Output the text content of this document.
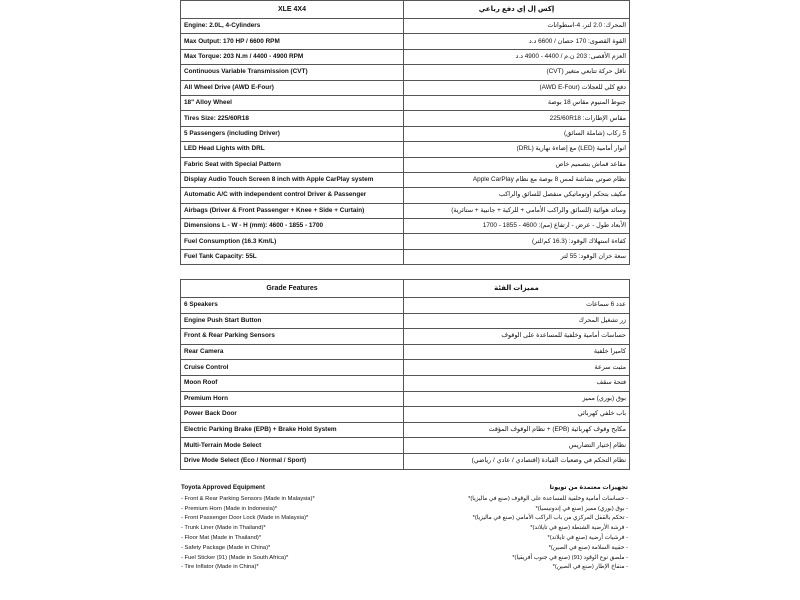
XLE 4X4	إكس إل إي دفع رباعي
Engine: 2.0L, 4-Cylinders	المحرك: 2.0 لتر، 4-اسطوانات
Max Output: 170 HP / 6600 RPM	القوة القصوى: 170 حصان / 6600 د.د
Max Torque: 203 N.m / 4400 - 4900 RPM	العزم الأقصى: 203 ن.م / 4400 - 4900 د.د
Continuous Variable Transmission (CVT)	ناقل حركة تتابعي متغير (CVT)
All Wheel Drive (AWD E-Four)	دفع كلي للعجلات (AWD E-Four)
18" Alloy Wheel	جنوط المنيوم مقاس 18 بوصة
Tires Size: 225/60R18	مقاس الإطارات: 225/60R18
5 Passengers (including Driver)	5 ركاب (شاملة السائق)
LED Head Lights with DRL	انوار أمامية (LED) مع إضاءة نهارية (DRL)
Fabric Seat with Special Pattern	مقاعد قماش بتصميم خاص
Display Audio Touch Screen 8 inch with Apple CarPlay system	نظام صوتي بشاشة لمس 8 بوصة مع نظام Apple CarPlay
Automatic A/C with independent control Driver & Passenger	مكيف بتحكم اوتوماتيكي منفصل للسائق والراكب
Airbags (Driver & Front Passenger + Knee + Side + Curtain)	وسائد هوائية (للسائق والراكب الأمامي + للركبة + جانبية + ستائرية)
Dimensions L - W - H (mm): 4600 - 1855 - 1700	الأبعاد طول - عرض - ارتفاع (مم): 4600 - 1855 - 1700
Fuel Consumption (16.3 Km/L)	كفاءة استهلاك الوقود: (16.3 كم/لتر)
Fuel Tank Capacity: 55L	سعة خزان الوقود: 55 لتر
Grade Features	مميزات الفئة
6 Speakers	عدد 6 سماعات
Engine Push Start Button	زر تشغيل المحرك
Front & Rear Parking Sensors	حساسات أمامية وخلفية للمساعدة على الوقوف
Rear Camera	كاميرا خلفية
Cruise Control	مثبت سرعة
Moon Roof	فتحة سقف
Premium Horn	بوق (بوري) مميز
Power Back Door	باب خلفي كهربائي
Electric Parking Brake (EPB) + Brake Hold System	مكابح وقوف كهربائية (EPB) + نظام الوقوف المؤقت
Multi-Terrain Mode Select	نظام إختيار التضاريس
Drive Mode Select (Eco / Normal / Sport)	نظام التحكم في وضعيات القيادة (اقتصادي / عادي / رياضي)
Toyota Approved Equipment
- Front & Rear Parking Sensors (Made in Malaysia)*
- Premium Horn (Made in Indonesia)*
- Front Passenger Door Lock (Made in Malaysia)*
- Trunk Liner (Made in Thailand)*
- Floor Mat (Made in Thailand)*
- Safety Package (Made in China)*
- Fuel Sticker (91) (Made in South Africa)*
- Tire Inflator (Made in China)*
تجهيزات معتمدة من تويوتا
- حساسات أمامية وخلفية للمساعدة على الوقوف (صنع في ماليزيا)*
- بوق (بوري) مميز (صنع في إندونيسيا)*
- تحكم بالقفل المركزي من باب الراكب الأمامي (صنع في ماليزيا)*
- فرشة الأرضية الشنطة (صنع في تايلاند)*
- فرشيات أرضية (صنع في تايلاند)*
- حقيبة السلامة (صنع في الصين)*
- ملصق نوع الوقود (91) (صنع في جنوب أفريقيا)*
- منفاخ الإطار (صنع في الصين)*
